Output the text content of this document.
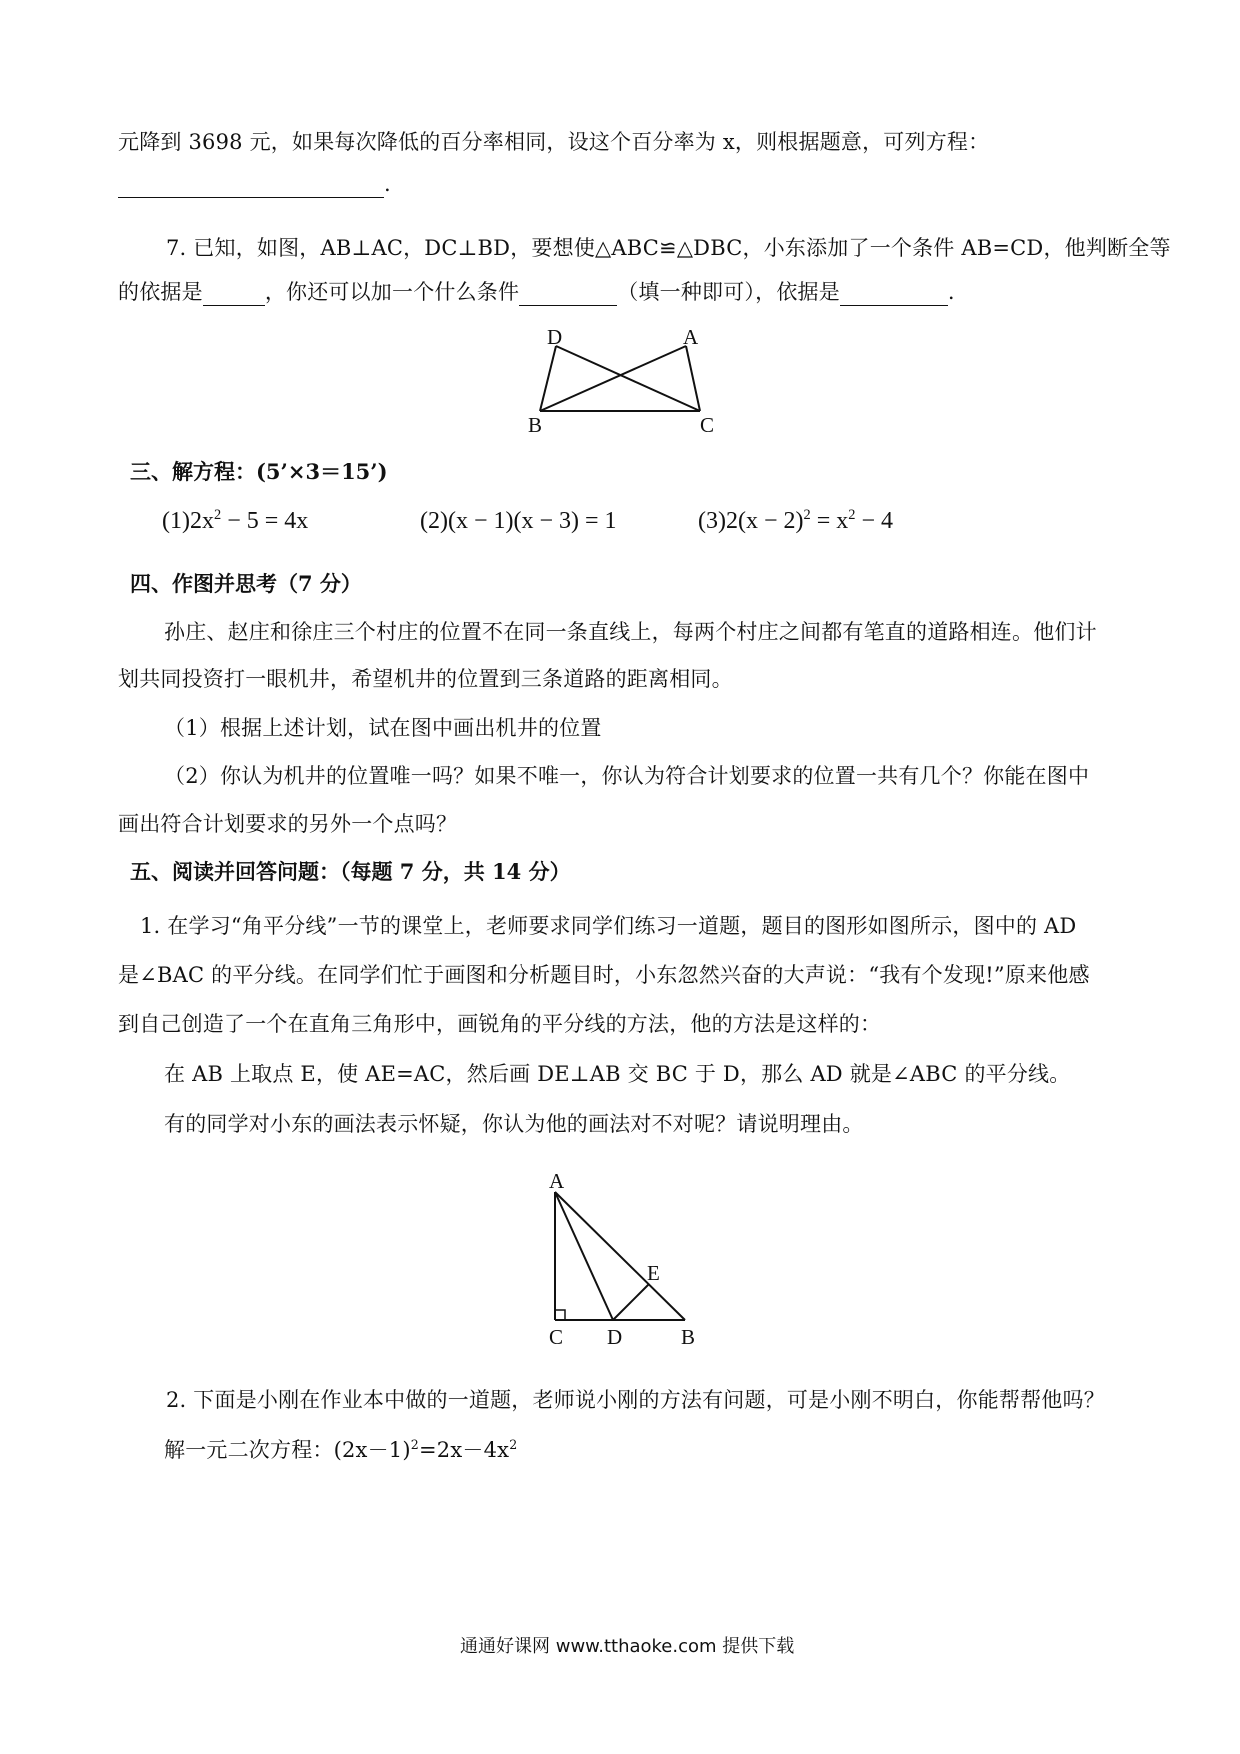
元降到 3698 元，如果每次降低的百分率相同，设这个百分率为 x，则根据题意，可列方程：
.
7. 已知，如图，AB⊥AC，DC⊥BD，要想使△ABC≌△DBC，小东添加了一个条件 AB=CD，他判断全等
的依据是	，你还可以加一个什么条件	（填一种即可），依据是	.
D	A
B	C
三、解方程：(5’×3＝15’)
$(1)2x^2 - 5 = 4x$	(2)(x − 1)(x − 3) = 1	$(3)2(x - 2)^2 = x^2 - 4$
四、作图并思考（7 分）
孙庄、赵庄和徐庄三个村庄的位置不在同一条直线上，每两个村庄之间都有笔直的道路相连。他们计
划共同投资打一眼机井，希望机井的位置到三条道路的距离相同。
（1）根据上述计划，试在图中画出机井的位置
（2）你认为机井的位置唯一吗？如果不唯一，你认为符合计划要求的位置一共有几个？你能在图中
画出符合计划要求的另外一个点吗？
五、阅读并回答问题：（每题 7 分，共 14 分）
1. 在学习“角平分线”一节的课堂上，老师要求同学们练习一道题，题目的图形如图所示，图中的 AD
是∠BAC 的平分线。在同学们忙于画图和分析题目时，小东忽然兴奋的大声说：“我有个发现!”原来他感
到自己创造了一个在直角三角形中，画锐角的平分线的方法，他的方法是这样的：
在 AB 上取点 E，使 AE=AC，然后画 DE⊥AB 交 BC 于 D，那么 AD 就是∠ABC 的平分线。
有的同学对小东的画法表示怀疑，你认为他的画法对不对呢？请说明理由。
A
E
C D	B
2. 下面是小刚在作业本中做的一道题，老师说小刚的方法有问题，可是小刚不明白，你能帮帮他吗？
解一元二次方程：$(2x-1)^2=2x-4x^2$
通通好课网 www.tthaoke.com 提供下载
